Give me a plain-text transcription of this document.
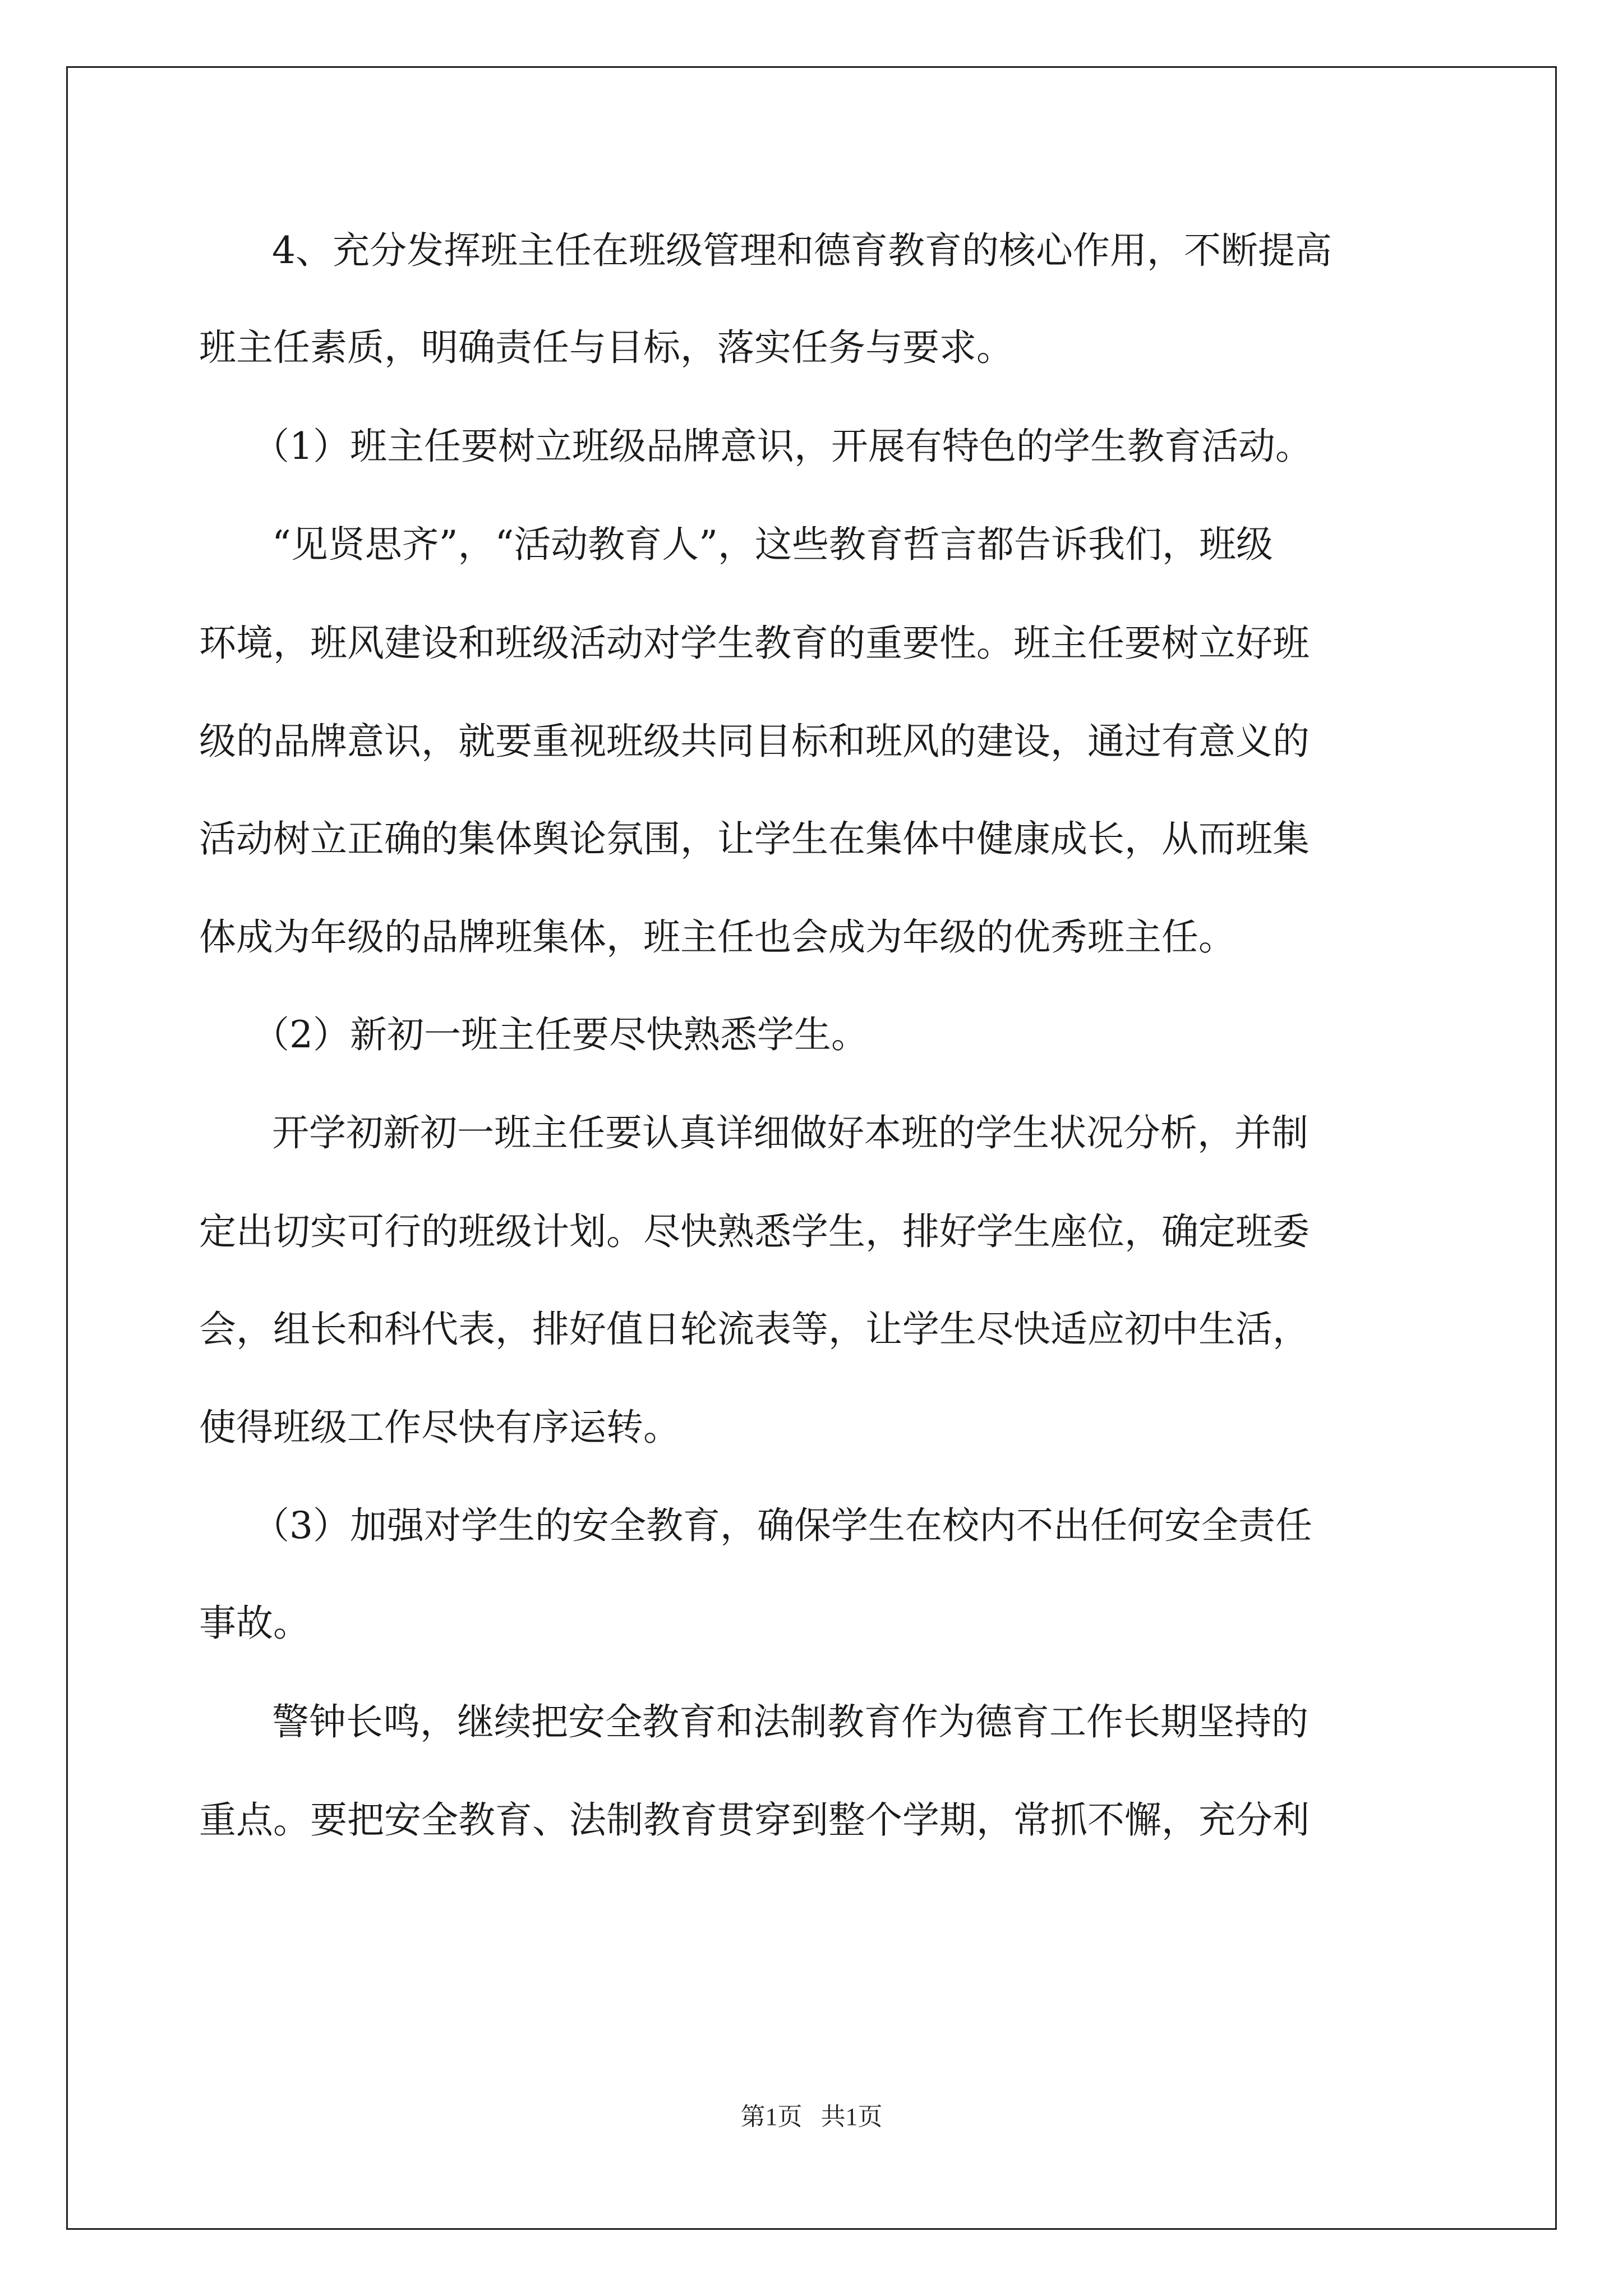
4、充分发挥班主任在班级管理和德育教育的核心作用，不断提高
班主任素质，明确责任与目标，落实任务与要求。
（1）班主任要树立班级品牌意识，开展有特色的学生教育活动。
“见贤思齐”，“活动教育人”，这些教育哲言都告诉我们，班级
环境，班风建设和班级活动对学生教育的重要性。班主任要树立好班
级的品牌意识，就要重视班级共同目标和班风的建设，通过有意义的
活动树立正确的集体舆论氛围，让学生在集体中健康成长，从而班集
体成为年级的品牌班集体，班主任也会成为年级的优秀班主任。
（2）新初一班主任要尽快熟悉学生。
开学初新初一班主任要认真详细做好本班的学生状况分析，并制
定出切实可行的班级计划。尽快熟悉学生，排好学生座位，确定班委
会，组长和科代表，排好值日轮流表等，让学生尽快适应初中生活，
使得班级工作尽快有序运转。
（3）加强对学生的安全教育，确保学生在校内不出任何安全责任
事故。
警钟长鸣，继续把安全教育和法制教育作为德育工作长期坚持的
重点。要把安全教育、法制教育贯穿到整个学期，常抓不懈，充分利
第1页 共1页
